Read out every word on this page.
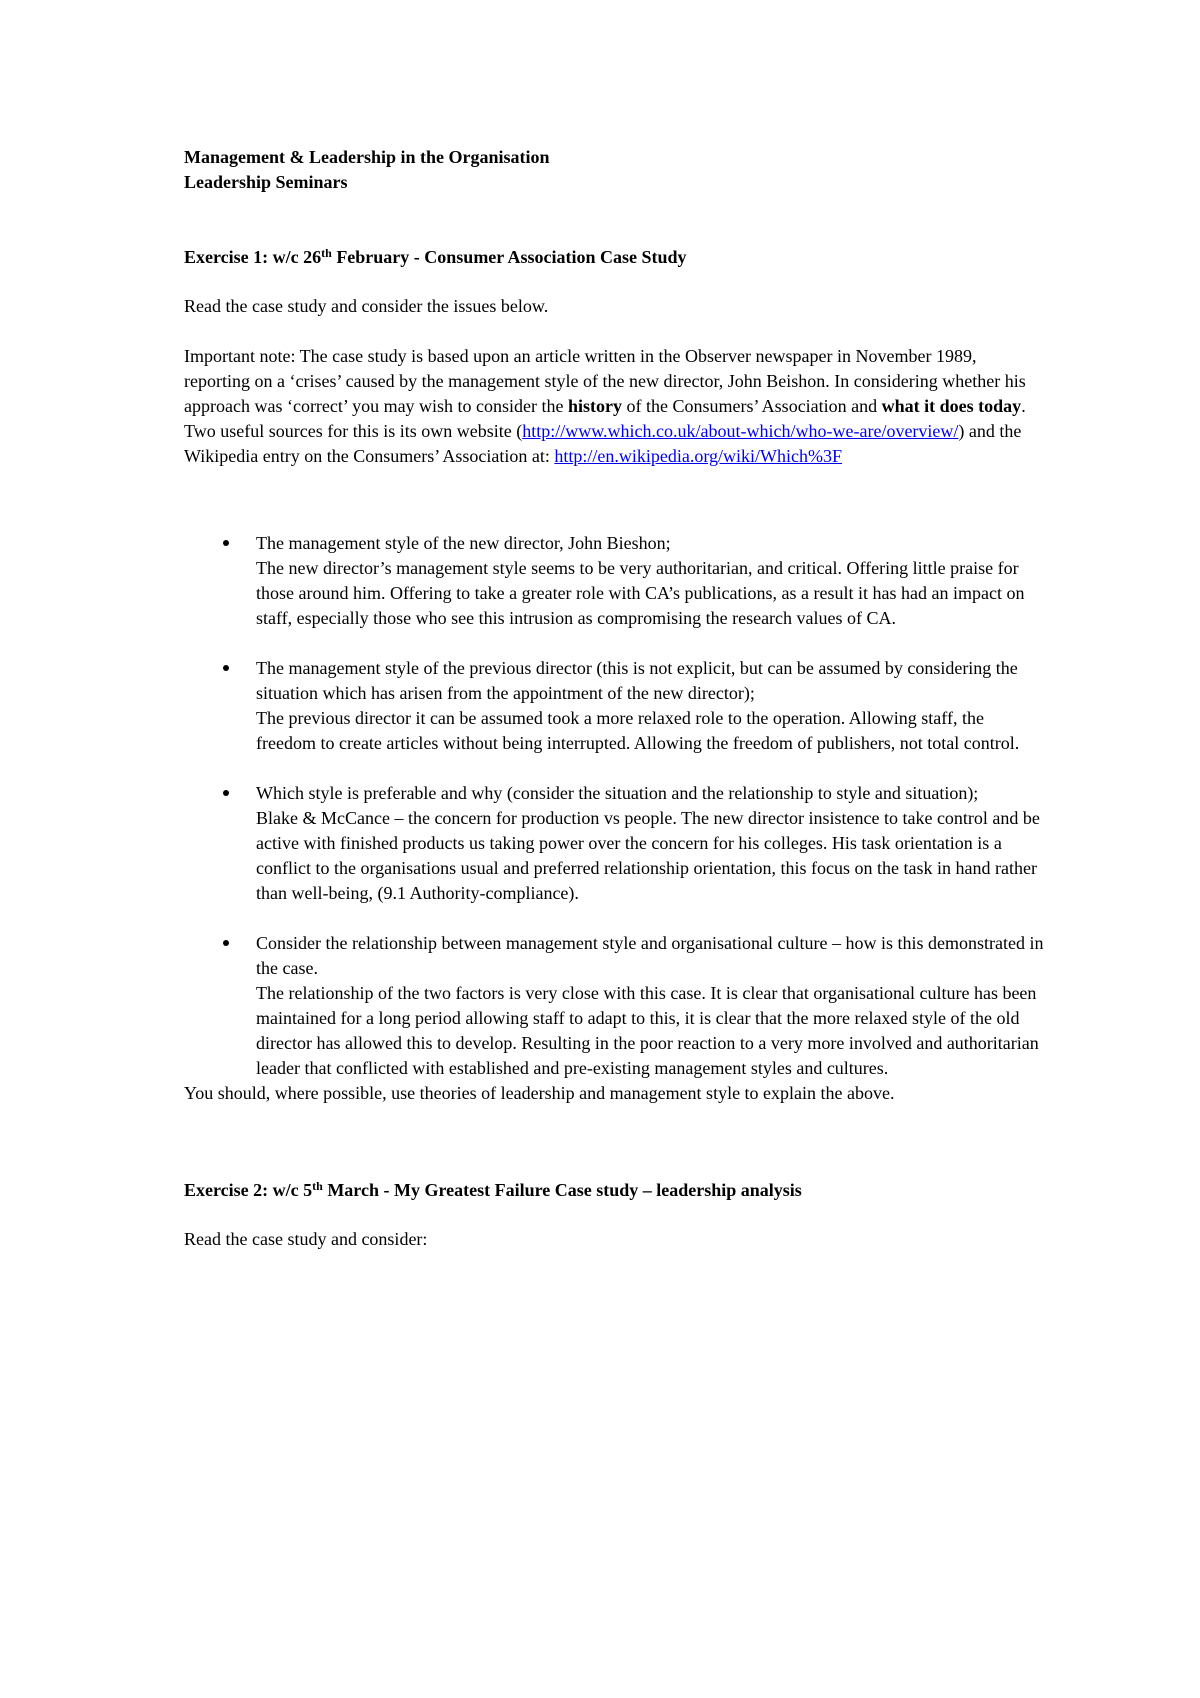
Management & Leadership in the Organisation

Leadership Seminars

Exercise 1: w/c 26th February - Consumer Association Case Study

Read the case study and consider the issues below.

Important note: The case study is based upon an article written in the Observer newspaper in November 1989, reporting on a ‘crises’ caused by the management style of the new director, John Beishon. In considering whether his approach was ‘correct’ you may wish to consider the history of the Consumers’ Association and what it does today. Two useful sources for this is its own website (http://www.which.co.uk/about-which/who-we-are/overview/) and the Wikipedia entry on the Consumers’ Association at: http://en.wikipedia.org/wiki/Which%3F

The management style of the new director, John Bieshon;
The new director’s management style seems to be very authoritarian, and critical. Offering little praise for those around him. Offering to take a greater role with CA’s publications, as a result it has had an impact on staff, especially those who see this intrusion as compromising the research values of CA.
The management style of the previous director (this is not explicit, but can be assumed by considering the situation which has arisen from the appointment of the new director);
The previous director it can be assumed took a more relaxed role to the operation. Allowing staff, the freedom to create articles without being interrupted. Allowing the freedom of publishers, not total control.
Which style is preferable and why (consider the situation and the relationship to style and situation);
Blake & McCance – the concern for production vs people. The new director insistence to take control and be active with finished products us taking power over the concern for his colleges. His task orientation is a conflict to the organisations usual and preferred relationship orientation, this focus on the task in hand rather than well-being, (9.1 Authority-compliance).
Consider the relationship between management style and organisational culture – how is this demonstrated in the case.
The relationship of the two factors is very close with this case. It is clear that organisational culture has been maintained for a long period allowing staff to adapt to this, it is clear that the more relaxed style of the old director has allowed this to develop. Resulting in the poor reaction to a very more involved and authoritarian leader that conflicted with established and pre-existing management styles and cultures.

You should, where possible, use theories of leadership and management style to explain the above.

Exercise 2: w/c 5th March - My Greatest Failure Case study – leadership analysis

Read the case study and consider:
